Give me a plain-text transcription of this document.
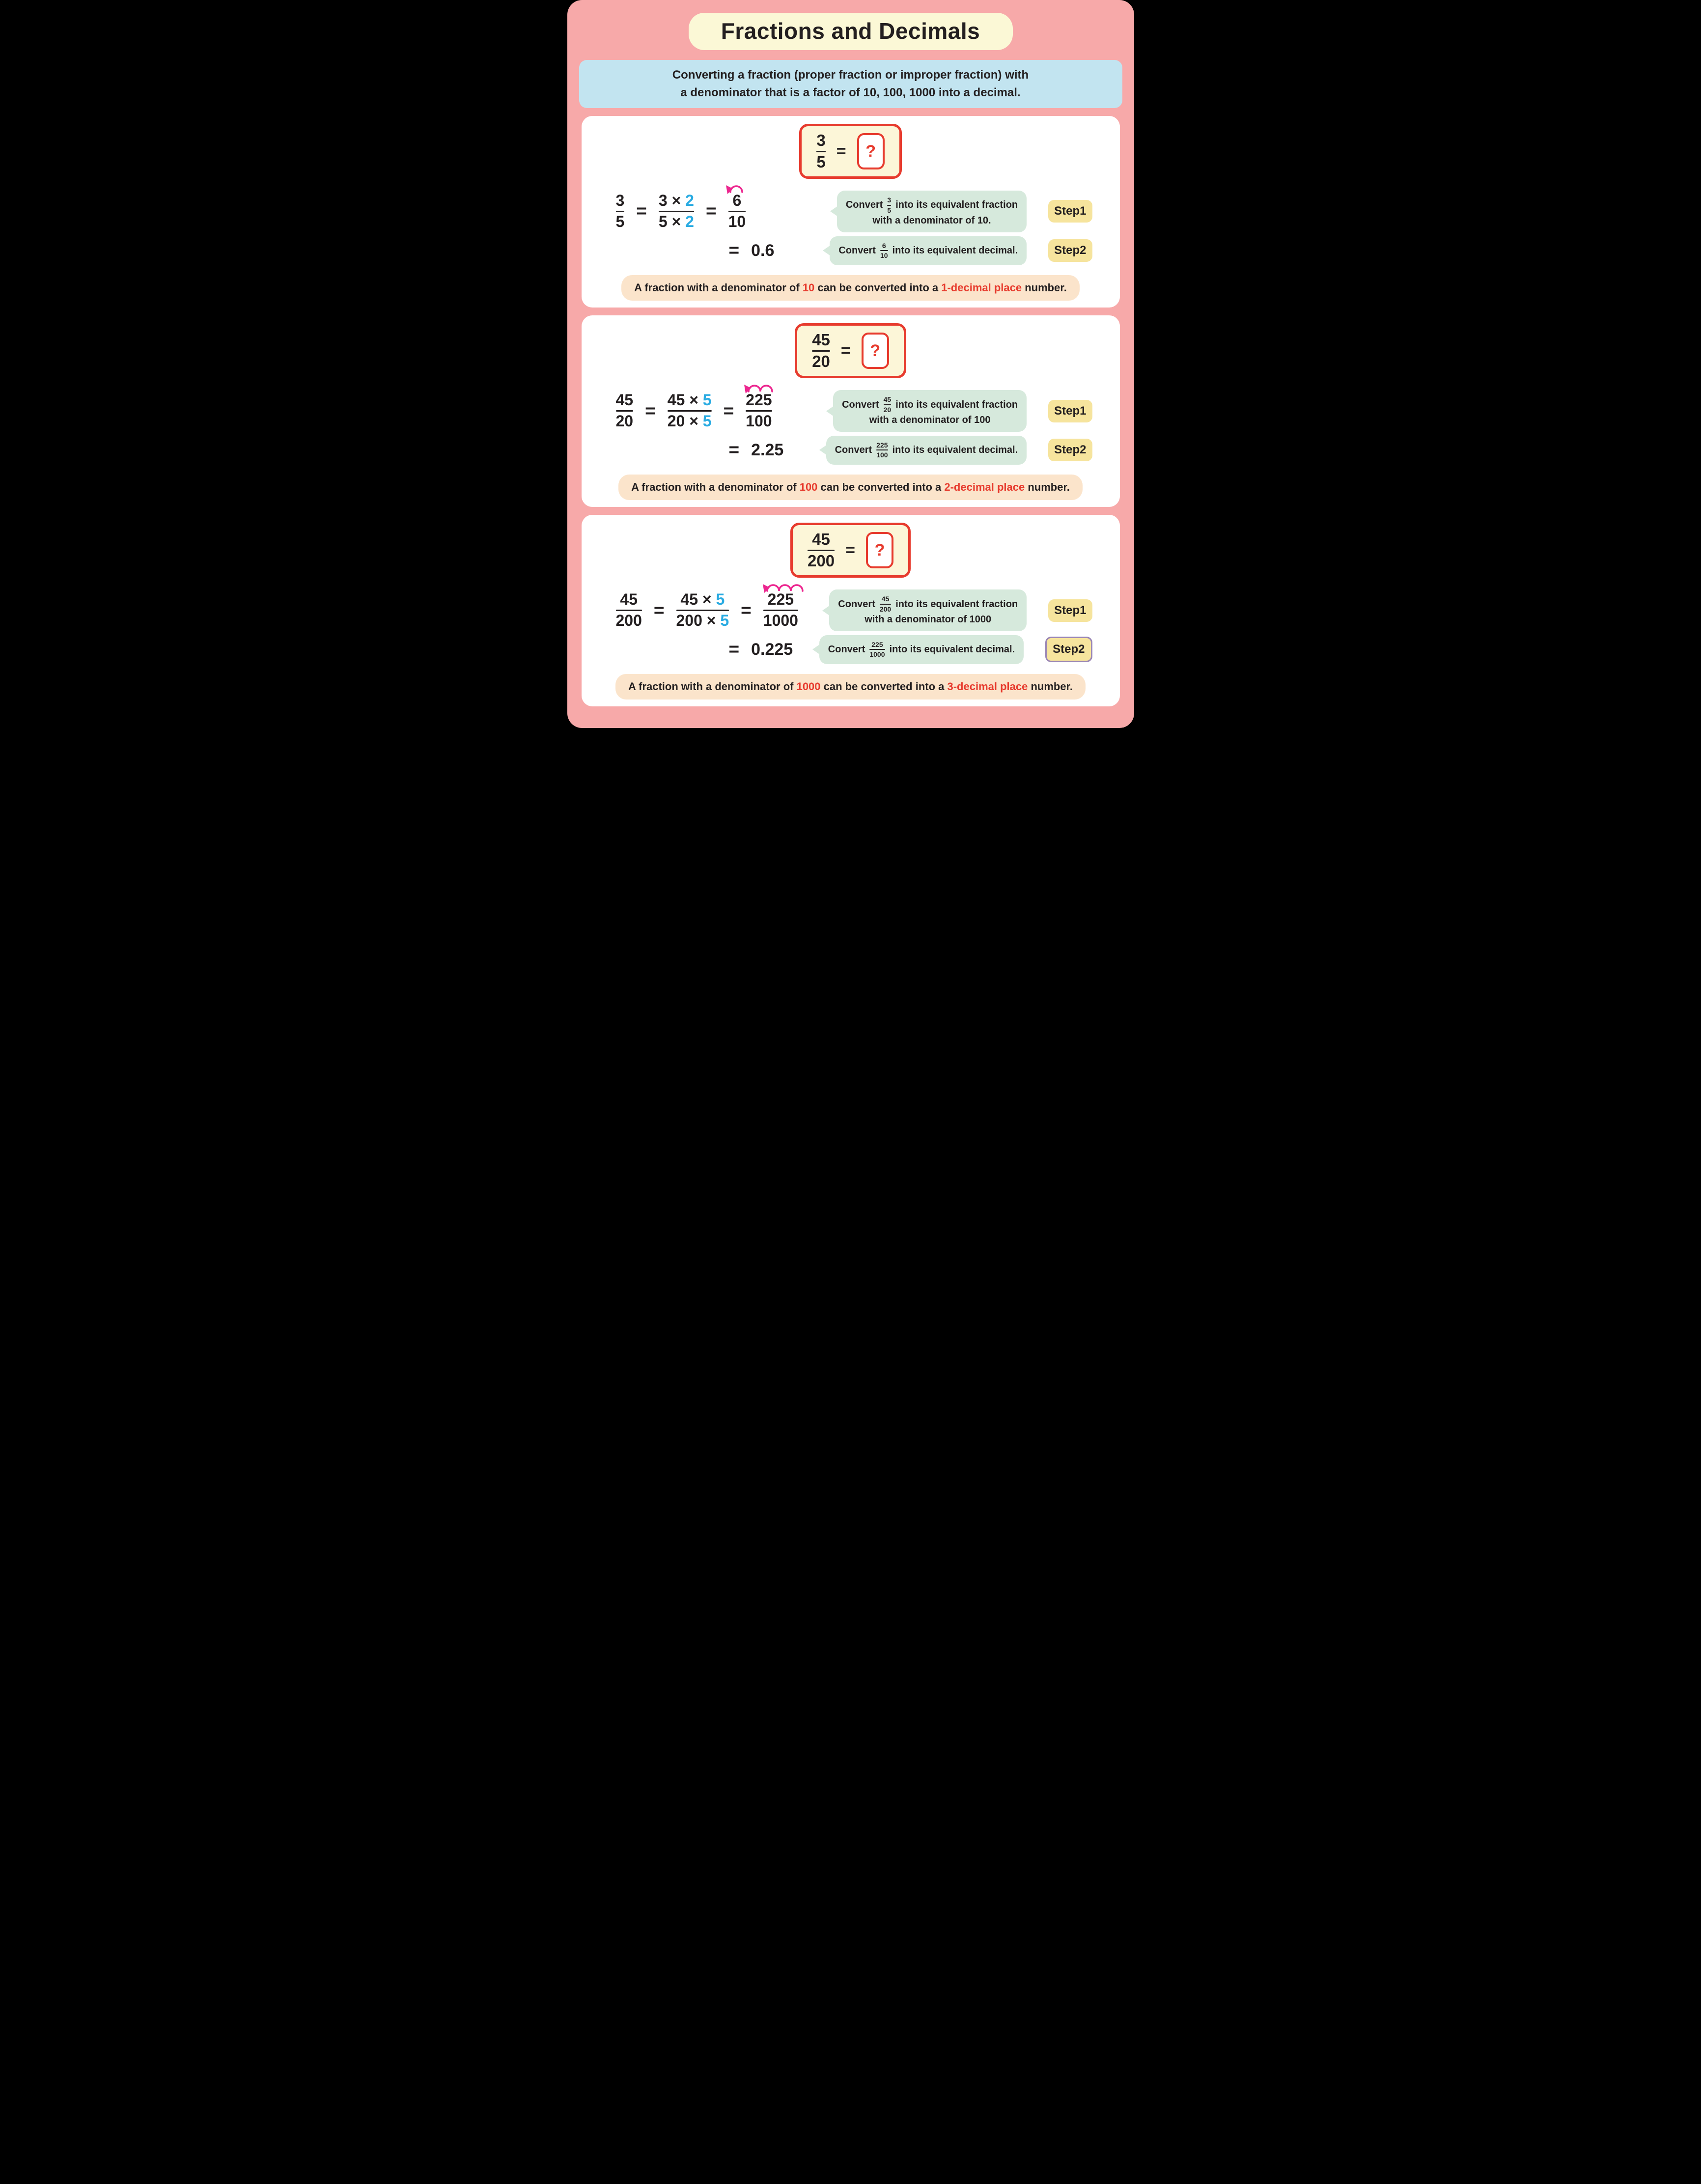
Fractions and Decimals
Converting a fraction (proper fraction or improper fraction) with
a denominator that is a factor of 10, 100, 1000 into a decimal.
$\frac{3}{5}$ = ?
$\frac{3}{5} = \frac{3 \times 2}{5 \times 2} = \frac{6}{10}$	Convert $\frac{3}{5}$ into its equivalent fraction
with a denominator of 10.
Step1
= 0.6	Convert $\frac{6}{10}$ into its equivalent decimal.	Step2
A fraction with a denominator of 10 can be converted into a 1-decimal place number.
$\frac{45}{20}$ = ?
$\frac{45}{20} = \frac{45 \times 5}{20 \times 5} = \frac{225}{100}$	Convert $\frac{45}{20}$ into its equivalent fraction
with a denominator of 100
Step1
= 2.25	Convert $\frac{225}{100}$ into its equivalent decimal.	Step2
A fraction with a denominator of 100 can be converted into a 2-decimal place number.
$\frac{45}{200}$ = ?
$\frac{45}{200} = \frac{45 \times 5}{200 \times 5} = \frac{225}{1000}$	Convert $\frac{45}{200}$ into its equivalent fraction
with a denominator of 1000
Step1
= 0.225	Convert $\frac{225}{1000}$ into its equivalent decimal.	Step2
A fraction with a denominator of 1000 can be converted into a 3-decimal place number.
